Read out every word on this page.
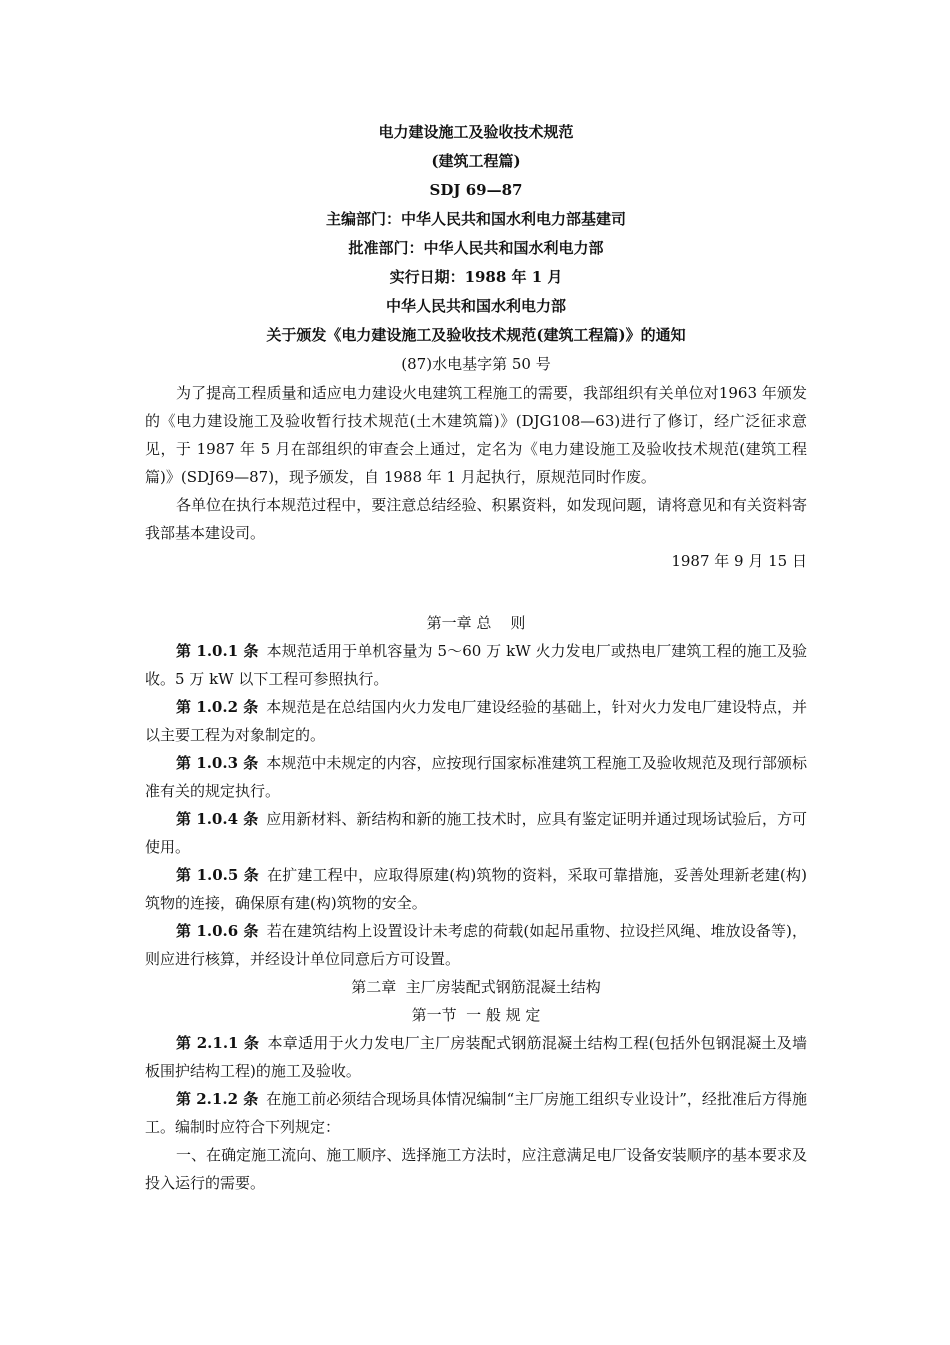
电力建设施工及验收技术规范
(建筑工程篇)
SDJ 69—87
主编部门：中华人民共和国水利电力部基建司
批准部门：中华人民共和国水利电力部
实行日期：1988 年 1 月
中华人民共和国水利电力部
关于颁发《电力建设施工及验收技术规范(建筑工程篇)》的通知
(87)水电基字第 50 号

为了提高工程质量和适应电力建设火电建筑工程施工的需要，我部组织有关单位对1963 年颁发的《电力建设施工及验收暂行技术规范(土木建筑篇)》(DJG108—63)进行了修订，经广泛征求意见，于 1987 年 5 月在部组织的审查会上通过，定名为《电力建设施工及验收技术规范(建筑工程篇)》(SDJ69—87)，现予颁发，自 1988 年 1 月起执行，原规范同时作废。

各单位在执行本规范过程中，要注意总结经验、积累资料，如发现问题，请将意见和有关资料寄我部基本建设司。

1987 年 9 月 15 日
第一章 总    则

第 1.0.1 条 本规范适用于单机容量为 5～60 万 kW 火力发电厂或热电厂建筑工程的施工及验收。5 万 kW 以下工程可参照执行。

第 1.0.2 条 本规范是在总结国内火力发电厂建设经验的基础上，针对火力发电厂建设特点，并以主要工程为对象制定的。

第 1.0.3 条 本规范中未规定的内容，应按现行国家标准建筑工程施工及验收规范及现行部颁标准有关的规定执行。

第 1.0.4 条 应用新材料、新结构和新的施工技术时，应具有鉴定证明并通过现场试验后，方可使用。

第 1.0.5 条 在扩建工程中，应取得原建(构)筑物的资料，采取可靠措施，妥善处理新老建(构)筑物的连接，确保原有建(构)筑物的安全。

第 1.0.6 条 若在建筑结构上设置设计未考虑的荷载(如起吊重物、拉设拦风绳、堆放设备等)，则应进行核算，并经设计单位同意后方可设置。

第二章  主厂房装配式钢筋混凝土结构
第一节  一 般 规 定

第 2.1.1 条 本章适用于火力发电厂主厂房装配式钢筋混凝土结构工程(包括外包钢混凝土及墙板围护结构工程)的施工及验收。

第 2.1.2 条 在施工前必须结合现场具体情况编制“主厂房施工组织专业设计”，经批准后方得施工。编制时应符合下列规定：

一、在确定施工流向、施工顺序、选择施工方法时，应注意满足电厂设备安装顺序的基本要求及投入运行的需要。
